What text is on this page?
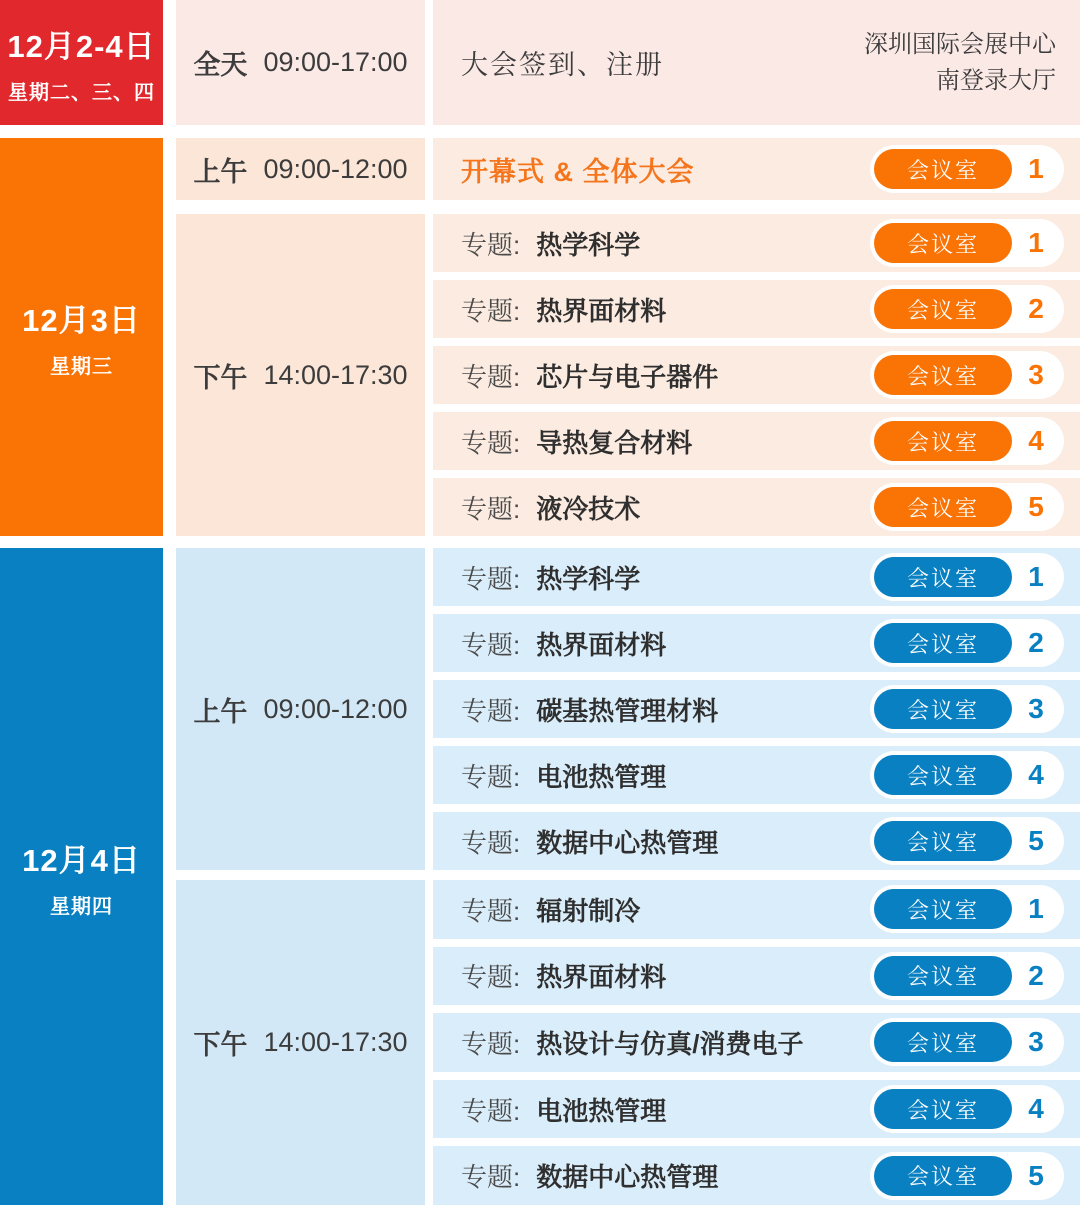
12月2-4日
星期二、三、四
全天 09:00-17:00 大会签到、注册
深圳国际会展中心
南登录大厅
12月3日
星期三
上午 09:00-12:00 开幕式 & 全体大会	会议室	1
下午 14:00-17:30
专题: 热学科学	会议室	1
专题: 热界面材料	会议室	2
专题: 芯片与电子器件	会议室	3
专题: 导热复合材料	会议室	4
专题: 液冷技术	会议室	5
12月4日
星期四
上午 09:00-12:00
专题: 热学科学	会议室	1
专题: 热界面材料	会议室	2
专题: 碳基热管理材料	会议室	3
专题: 电池热管理	会议室	4
专题: 数据中心热管理	会议室	5
下午 14:00-17:30
专题: 辐射制冷	会议室	1
专题: 热界面材料	会议室	2
专题: 热设计与仿真/消费电子	会议室	3
专题: 电池热管理	会议室	4
专题: 数据中心热管理	会议室	5
